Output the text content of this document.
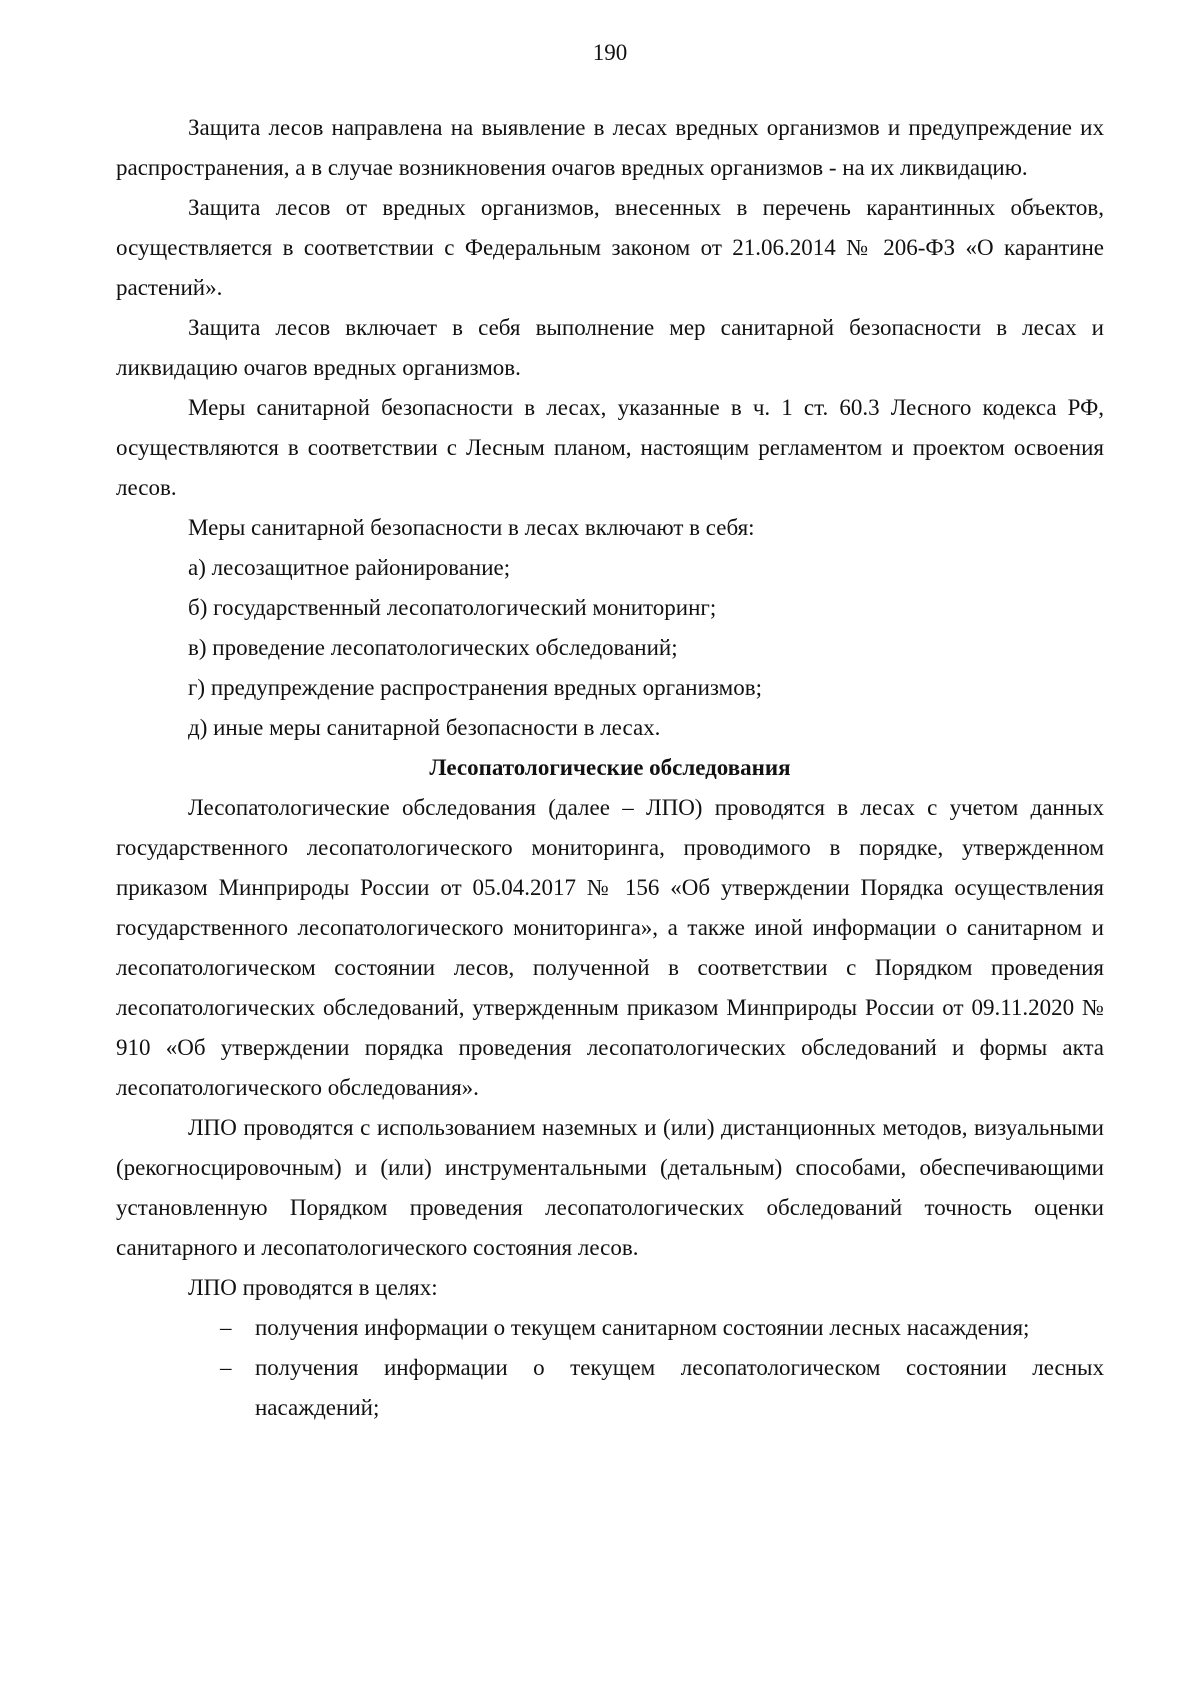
190

Защита лесов направлена на выявление в лесах вредных организмов и предупреждение их распространения, а в случае возникновения очагов вредных организмов - на их ликвидацию.

Защита лесов от вредных организмов, внесенных в перечень карантинных объектов, осуществляется в соответствии с Федеральным законом от 21.06.2014 № 206-ФЗ «О карантине растений».

Защита лесов включает в себя выполнение мер санитарной безопасности в лесах и ликвидацию очагов вредных организмов.

Меры санитарной безопасности в лесах, указанные в ч. 1 ст. 60.3 Лесного кодекса РФ, осуществляются в соответствии с Лесным планом, настоящим регламентом и проектом освоения лесов.

Меры санитарной безопасности в лесах включают в себя:

а) лесозащитное районирование;

б) государственный лесопатологический мониторинг;

в) проведение лесопатологических обследований;

г) предупреждение распространения вредных организмов;

д) иные меры санитарной безопасности в лесах.

Лесопатологические обследования

Лесопатологические обследования (далее – ЛПО) проводятся в лесах с учетом данных государственного лесопатологического мониторинга, проводимого в порядке, утвержденном приказом Минприроды России от 05.04.2017 № 156 «Об утверждении Порядка осуществления государственного лесопатологического мониторинга», а также иной информации о санитарном и лесопатологическом состоянии лесов, полученной в соответствии с Порядком проведения лесопатологических обследований, утвержденным приказом Минприроды России от 09.11.2020 № 910 «Об утверждении порядка проведения лесопатологических обследований и формы акта лесопатологического обследования».

ЛПО проводятся с использованием наземных и (или) дистанционных методов, визуальными (рекогносцировочным) и (или) инструментальными (детальным) способами, обеспечивающими установленную Порядком проведения лесопатологических обследований точность оценки санитарного и лесопатологического состояния лесов.

ЛПО проводятся в целях:

– получения информации о текущем санитарном состоянии лесных насаждения;
– получения информации о текущем лесопатологическом состоянии лесных насаждений;
